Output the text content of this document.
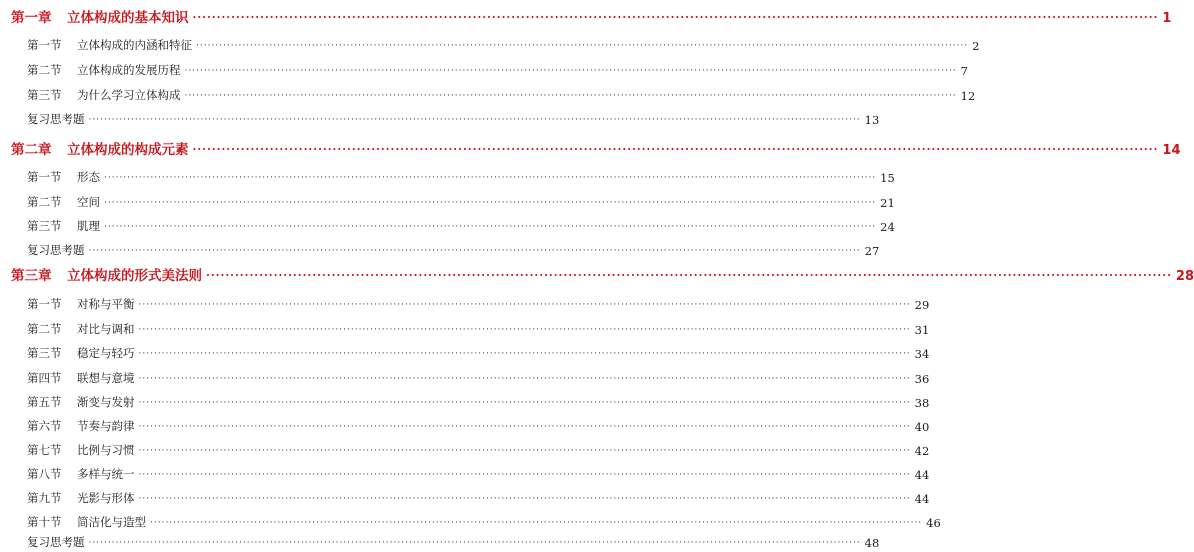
第一章 立体构成的基本知识 ········································································································································································································ 1
第一节 立体构成的内涵和特征 ········································································································································································································ 2
第二节 立体构成的发展历程 ········································································································································································································ 7
第三节 为什么学习立体构成 ········································································································································································································ 12
复习思考题 ········································································································································································································ 13
第二章 立体构成的构成元素 ········································································································································································································ 14
第一节 形态 ········································································································································································································ 15
第二节 空间 ········································································································································································································ 21
第三节 肌理 ········································································································································································································ 24
复习思考题 ········································································································································································································ 27
第三章 立体构成的形式美法则 ········································································································································································································ 28
第一节 对称与平衡 ········································································································································································································ 29
第二节 对比与调和 ········································································································································································································ 31
第三节 稳定与轻巧 ········································································································································································································ 34
第四节 联想与意境 ········································································································································································································ 36
第五节 渐变与发射 ········································································································································································································ 38
第六节 节奏与韵律 ········································································································································································································ 40
第七节 比例与习惯 ········································································································································································································ 42
第八节 多样与统一 ········································································································································································································ 44
第九节 光影与形体 ········································································································································································································ 44
第十节 简洁化与造型 ········································································································································································································ 46
复习思考题 ········································································································································································································ 48
